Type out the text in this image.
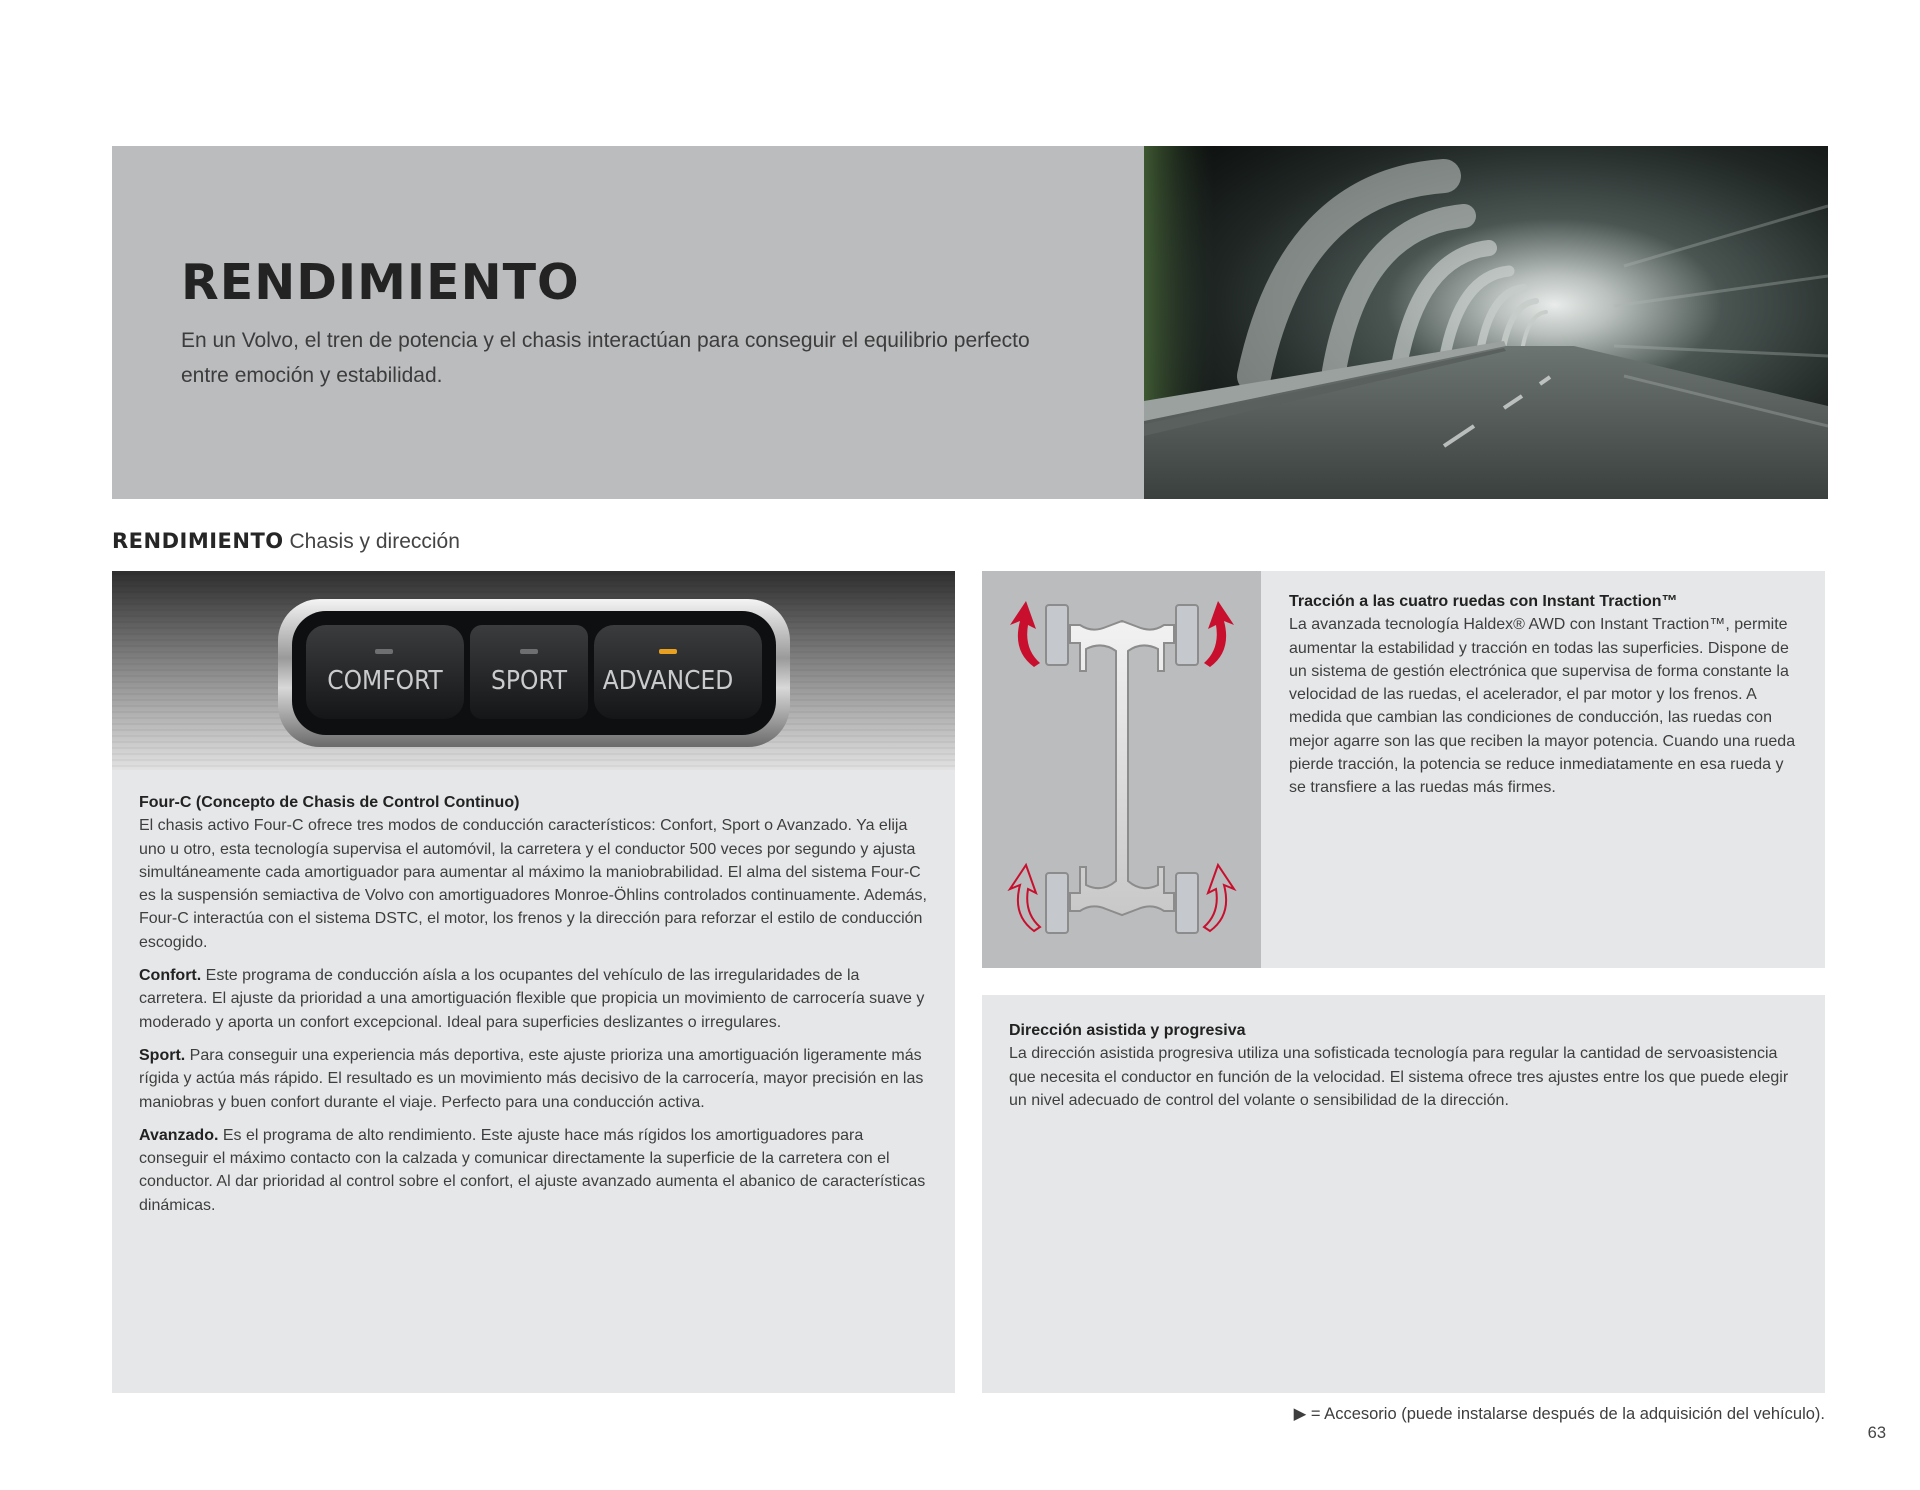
RENDIMIENTO
En un Volvo, el tren de potencia y el chasis interactúan para conseguir el equilibrio perfecto
entre emoción y estabilidad.
RENDIMIENTO Chasis y dirección
COMFORT SPORT ADVANCED

Four-C (Concepto de Chasis de Control Continuo)
El chasis activo Four-C ofrece tres modos de conducción característicos: Confort, Sport o Avanzado. Ya elija uno u otro, esta tecnología supervisa el automóvil, la carretera y el conductor 500 veces por segundo y ajusta simultáneamente cada amortiguador para aumentar al máximo la maniobrabilidad. El alma del sistema Four-C es la suspensión semiactiva de Volvo con amortiguadores Monroe-Öhlins controlados continuamente. Además, Four-C interactúa con el sistema DSTC, el motor, los frenos y la dirección para reforzar el estilo de conducción escogido.

Confort. Este programa de conducción aísla a los ocupantes del vehículo de las irregularidades de la carretera. El ajuste da prioridad a una amortiguación flexible que propicia un movimiento de carrocería suave y moderado y aporta un confort excepcional. Ideal para superficies deslizantes o irregulares.

Sport. Para conseguir una experiencia más deportiva, este ajuste prioriza una amortiguación ligeramente más rígida y actúa más rápido. El resultado es un movimiento más decisivo de la carrocería, mayor precisión en las maniobras y buen confort durante el viaje. Perfecto para una conducción activa.

Avanzado. Es el programa de alto rendimiento. Este ajuste hace más rígidos los amortiguadores para conseguir el máximo contacto con la calzada y comunicar directamente la superficie de la carretera con el conductor. Al dar prioridad al control sobre el confort, el ajuste avanzado aumenta el abanico de características dinámicas.

Tracción a las cuatro ruedas con Instant Traction™

La avanzada tecnología Haldex® AWD con Instant Traction™, permite aumentar la estabilidad y tracción en todas las superficies. Dispone de un sistema de gestión electrónica que supervisa de forma constante la velocidad de las ruedas, el acelerador, el par motor y los frenos. A medida que cambian las condiciones de conducción, las ruedas con mejor agarre son las que reciben la mayor potencia. Cuando una rueda pierde tracción, la potencia se reduce inmediatamente en esa rueda y se transfiere a las ruedas más firmes.

Dirección asistida y progresiva

La dirección asistida progresiva utiliza una sofisticada tecnología para regular la cantidad de servoasistencia que necesita el conductor en función de la velocidad. El sistema ofrece tres ajustes entre los que puede elegir un nivel adecuado de control del volante o sensibilidad de la dirección.

▶ = Accesorio (puede instalarse después de la adquisición del vehículo).
63
